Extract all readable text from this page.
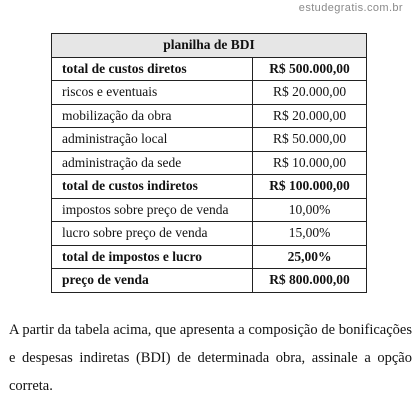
estudegratis.com.br
planilha de BDI	
total de custos diretos	R$ 500.000,00
riscos e eventuais	R$ 20.000,00
mobilização da obra	R$ 20.000,00
administração local	R$ 50.000,00
administração da sede	R$ 10.000,00
total de custos indiretos	R$ 100.000,00
impostos sobre preço de venda	10,00%
lucro sobre preço de venda	15,00%
total de impostos e lucro	25,00%
preço de venda	R$ 800.000,00

A partir da tabela acima, que apresenta a composição de bonificações e despesas indiretas (BDI) de determinada obra, assinale a opção correta.
